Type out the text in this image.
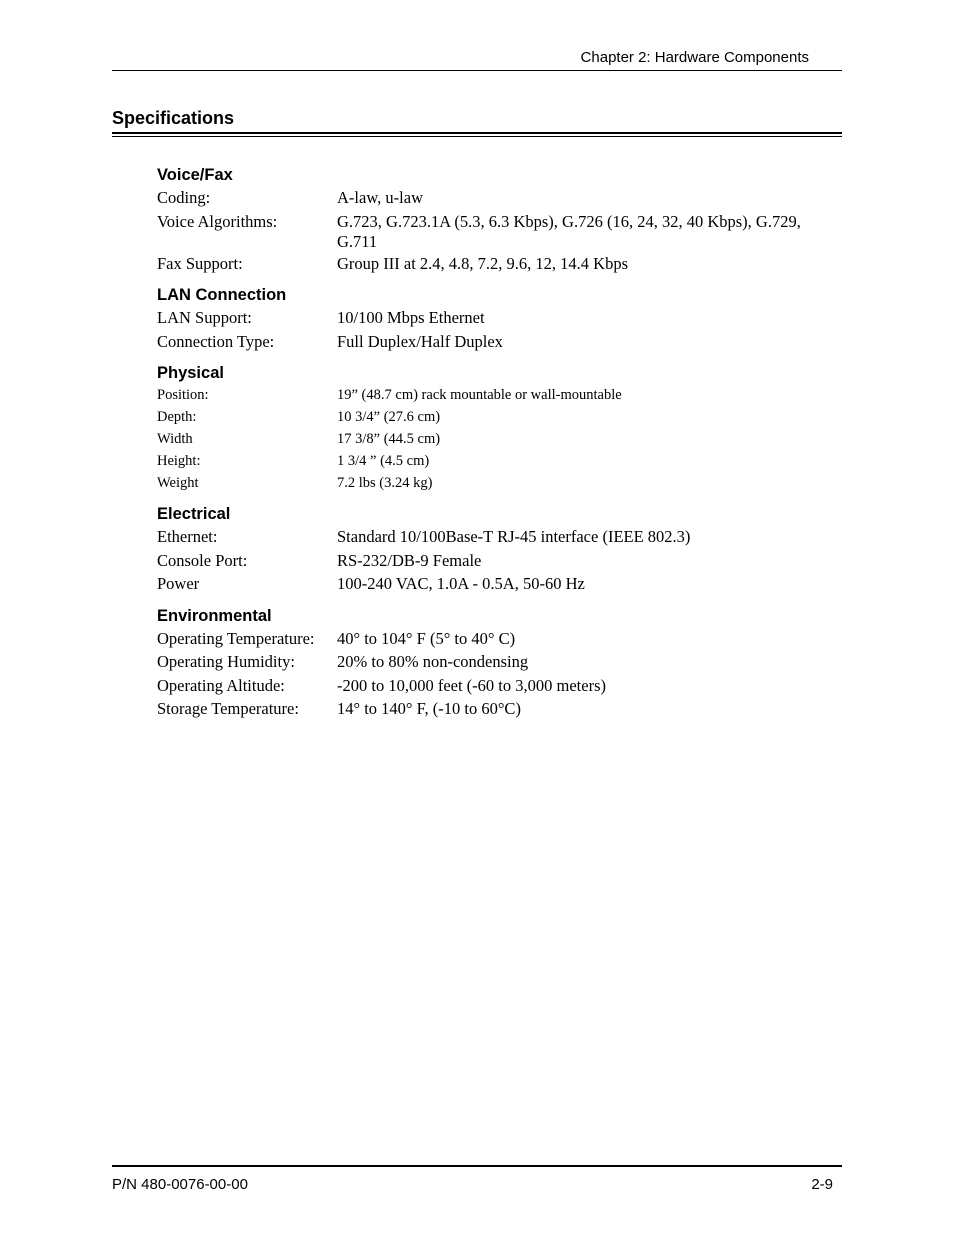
Chapter 2: Hardware Components
Specifications
Voice/Fax
Coding:	A-law, u-law
Voice Algorithms:	G.723, G.723.1A (5.3, 6.3 Kbps), G.726 (16, 24, 32, 40 Kbps), G.729, G.711
Fax Support:	Group III at 2.4, 4.8, 7.2, 9.6, 12, 14.4 Kbps
LAN Connection
LAN Support:	10/100 Mbps Ethernet
Connection Type:	Full Duplex/Half Duplex
Physical
Position:	19” (48.7 cm) rack mountable or wall-mountable
Depth:	10 3/4” (27.6 cm)
Width	17 3/8” (44.5 cm)
Height:	1 3/4 ” (4.5 cm)
Weight	7.2 lbs (3.24 kg)
Electrical
Ethernet:	Standard 10/100Base-T RJ-45 interface (IEEE 802.3)
Console Port:	RS-232/DB-9 Female
Power	100-240 VAC, 1.0A - 0.5A, 50-60 Hz
Environmental
Operating Temperature:	40° to 104° F (5° to 40° C)
Operating Humidity:	20% to 80% non-condensing
Operating Altitude:	-200 to 10,000 feet (-60 to 3,000 meters)
Storage Temperature:	14° to 140° F, (-10 to 60°C)
P/N 480-0076-00-00	2-9
